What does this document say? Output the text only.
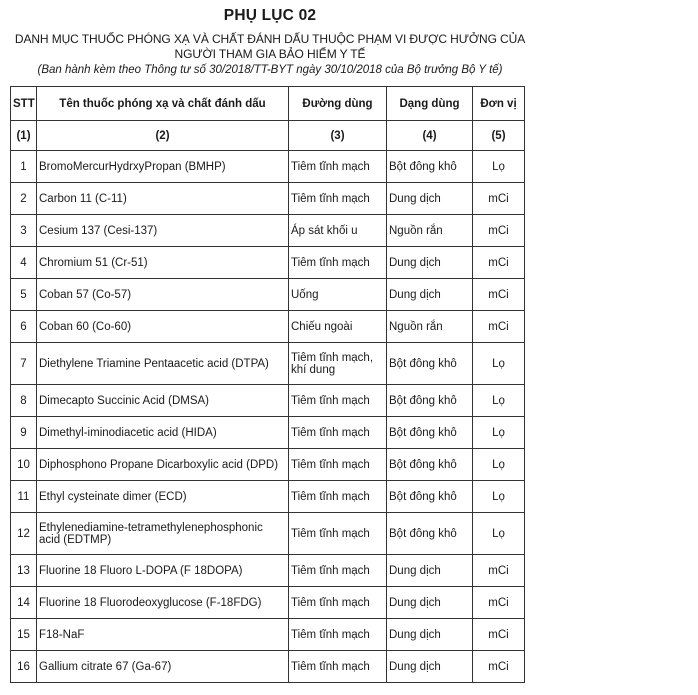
PHỤ LỤC 02
DANH MỤC THUỐC PHÓNG XẠ VÀ CHẤT ĐÁNH DẤU THUỘC PHẠM VI ĐƯỢC HƯỞNG CỦA
NGƯỜI THAM GIA BẢO HIỂM Y TẾ
(Ban hành kèm theo Thông tư số 30/2018/TT-BYT ngày 30/10/2018 của Bộ trưởng Bộ Y tế)
STT	Tên thuốc phóng xạ và chất đánh dấu	Đường dùng	Dạng dùng	Đơn vị
(1)	(2)	(3)	(4)	(5)
1	BromoMercurHydrxyPropan (BMHP)	Tiêm tĩnh mạch	Bột đông khô	Lọ
2	Carbon 11 (C-11)	Tiêm tĩnh mạch	Dung dịch	mCi
3	Cesium 137 (Cesi-137)	Áp sát khối u	Nguồn rắn	mCi
4	Chromium 51 (Cr-51)	Tiêm tĩnh mạch	Dung dịch	mCi
5	Coban 57 (Co-57)	Uống	Dung dịch	mCi
6	Coban 60 (Co-60)	Chiếu ngoài	Nguồn rắn	mCi
7	Diethylene Triamine Pentaacetic acid (DTPA)	Tiêm tĩnh mạch, khí dung	Bột đông khô	Lọ
8	Dimecapto Succinic Acid (DMSA)	Tiêm tĩnh mạch	Bột đông khô	Lọ
9	Dimethyl-iminodiacetic acid (HIDA)	Tiêm tĩnh mạch	Bột đông khô	Lọ
10	Diphosphono Propane Dicarboxylic acid (DPD)	Tiêm tĩnh mạch	Bột đông khô	Lọ
11	Ethyl cysteinate dimer (ECD)	Tiêm tĩnh mạch	Bột đông khô	Lọ
12	Ethylenediamine-tetramethylenephosphonic acid (EDTMP)	Tiêm tĩnh mạch	Bột đông khô	Lọ
13	Fluorine 18 Fluoro L-DOPA (F 18DOPA)	Tiêm tĩnh mạch	Dung dịch	mCi
14	Fluorine 18 Fluorodeoxyglucose (F-18FDG)	Tiêm tĩnh mạch	Dung dịch	mCi
15	F18-NaF	Tiêm tĩnh mạch	Dung dịch	mCi
16	Gallium citrate 67 (Ga-67)	Tiêm tĩnh mạch	Dung dịch	mCi
